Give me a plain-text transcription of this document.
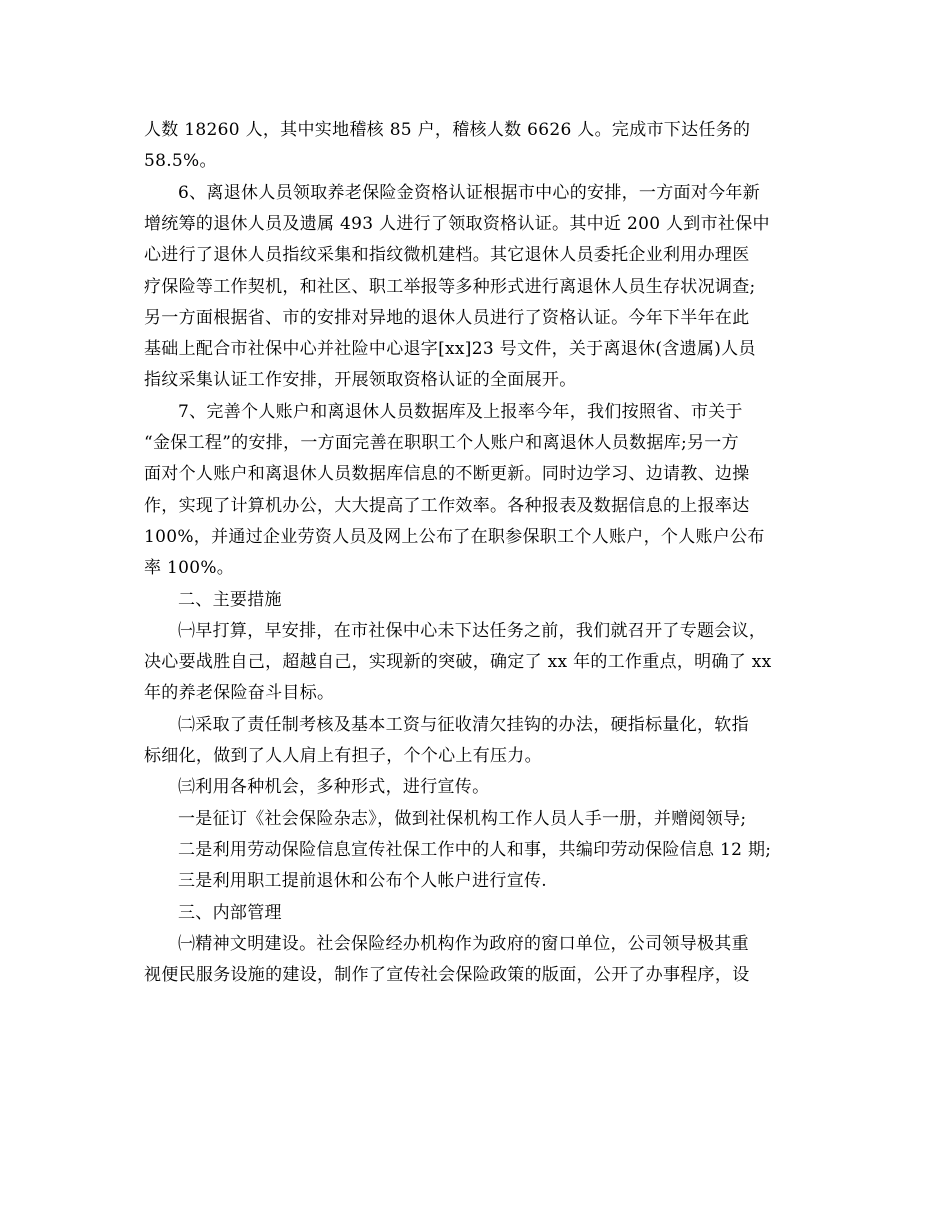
人数 18260 人，其中实地稽核 85 户，稽核人数 6626 人。完成市下达任务的
58.5%。
6、离退休人员领取养老保险金资格认证根据市中心的安排，一方面对今年新
增统筹的退休人员及遗属 493 人进行了领取资格认证。其中近 200 人到市社保中
心进行了退休人员指纹采集和指纹微机建档。其它退休人员委托企业利用办理医
疗保险等工作契机，和社区、职工举报等多种形式进行离退休人员生存状况调查;
另一方面根据省、市的安排对异地的退休人员进行了资格认证。今年下半年在此
基础上配合市社保中心并社险中心退字[xx]23 号文件，关于离退休(含遗属)人员
指纹采集认证工作安排，开展领取资格认证的全面展开。
7、完善个人账户和离退休人员数据库及上报率今年，我们按照省、市关于
“金保工程”的安排，一方面完善在职职工个人账户和离退休人员数据库;另一方
面对个人账户和离退休人员数据库信息的不断更新。同时边学习、边请教、边操
作，实现了计算机办公，大大提高了工作效率。各种报表及数据信息的上报率达
100%，并通过企业劳资人员及网上公布了在职参保职工个人账户，个人账户公布
率 100%。
二、主要措施
㈠早打算，早安排，在市社保中心未下达任务之前，我们就召开了专题会议，
决心要战胜自己，超越自己，实现新的突破，确定了 xx 年的工作重点，明确了 xx
年的养老保险奋斗目标。
㈡采取了责任制考核及基本工资与征收清欠挂钩的办法，硬指标量化，软指
标细化，做到了人人肩上有担子，个个心上有压力。
㈢利用各种机会，多种形式，进行宣传。
一是征订《社会保险杂志》，做到社保机构工作人员人手一册，并赠阅领导;
二是利用劳动保险信息宣传社保工作中的人和事，共编印劳动保险信息 12 期;
三是利用职工提前退休和公布个人帐户进行宣传.
三、内部管理
㈠精神文明建设。社会保险经办机构作为政府的窗口单位，公司领导极其重
视便民服务设施的建设，制作了宣传社会保险政策的版面，公开了办事程序，设
